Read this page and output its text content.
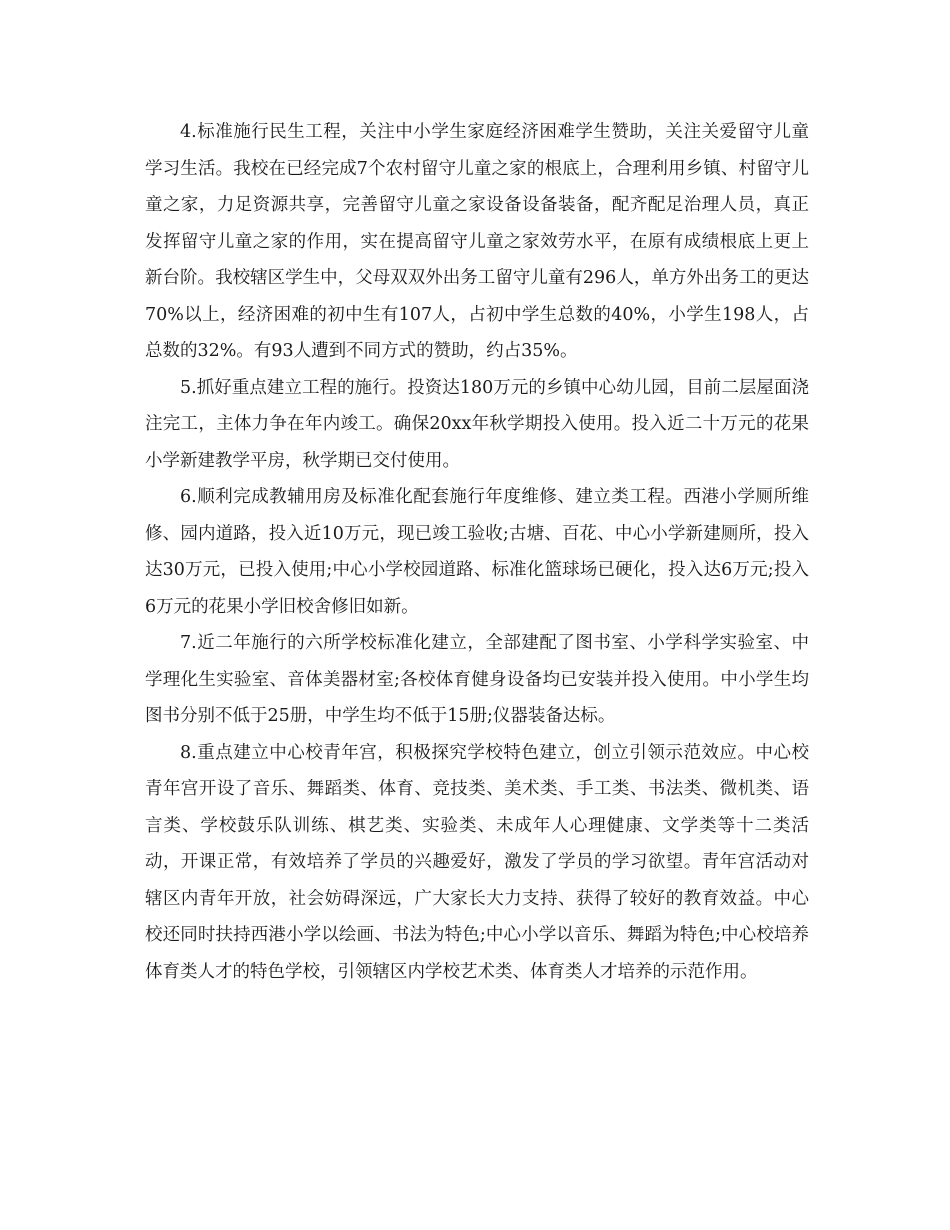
4.标准施行民生工程，关注中小学生家庭经济困难学生赞助，关注关爱留守儿童学习生活。我校在已经完成7个农村留守儿童之家的根底上，合理利用乡镇、村留守儿童之家，力足资源共享，完善留守儿童之家设备设备装备，配齐配足治理人员，真正发挥留守儿童之家的作用，实在提高留守儿童之家效劳水平，在原有成绩根底上更上新台阶。我校辖区学生中，父母双双外出务工留守儿童有296人，单方外出务工的更达70%以上，经济困难的初中生有107人，占初中学生总数的40%，小学生198人，占总数的32%。有93人遭到不同方式的赞助，约占35%。

5.抓好重点建立工程的施行。投资达180万元的乡镇中心幼儿园，目前二层屋面浇注完工，主体力争在年内竣工。确保20xx年秋学期投入使用。投入近二十万元的花果小学新建教学平房，秋学期已交付使用。

6.顺利完成教辅用房及标准化配套施行年度维修、建立类工程。西港小学厕所维修、园内道路，投入近10万元，现已竣工验收;古塘、百花、中心小学新建厕所，投入达30万元，已投入使用;中心小学校园道路、标准化篮球场已硬化，投入达6万元;投入6万元的花果小学旧校舍修旧如新。

7.近二年施行的六所学校标准化建立，全部建配了图书室、小学科学实验室、中学理化生实验室、音体美器材室;各校体育健身设备均已安装并投入使用。中小学生均图书分别不低于25册，中学生均不低于15册;仪器装备达标。

8.重点建立中心校青年宫，积极探究学校特色建立，创立引领示范效应。中心校青年宫开设了音乐、舞蹈类、体育、竞技类、美术类、手工类、书法类、微机类、语言类、学校鼓乐队训练、棋艺类、实验类、未成年人心理健康、文学类等十二类活动，开课正常，有效培养了学员的兴趣爱好，激发了学员的学习欲望。青年宫活动对辖区内青年开放，社会妨碍深远，广大家长大力支持、获得了较好的教育效益。中心校还同时扶持西港小学以绘画、书法为特色;中心小学以音乐、舞蹈为特色;中心校培养体育类人才的特色学校，引领辖区内学校艺术类、体育类人才培养的示范作用。
